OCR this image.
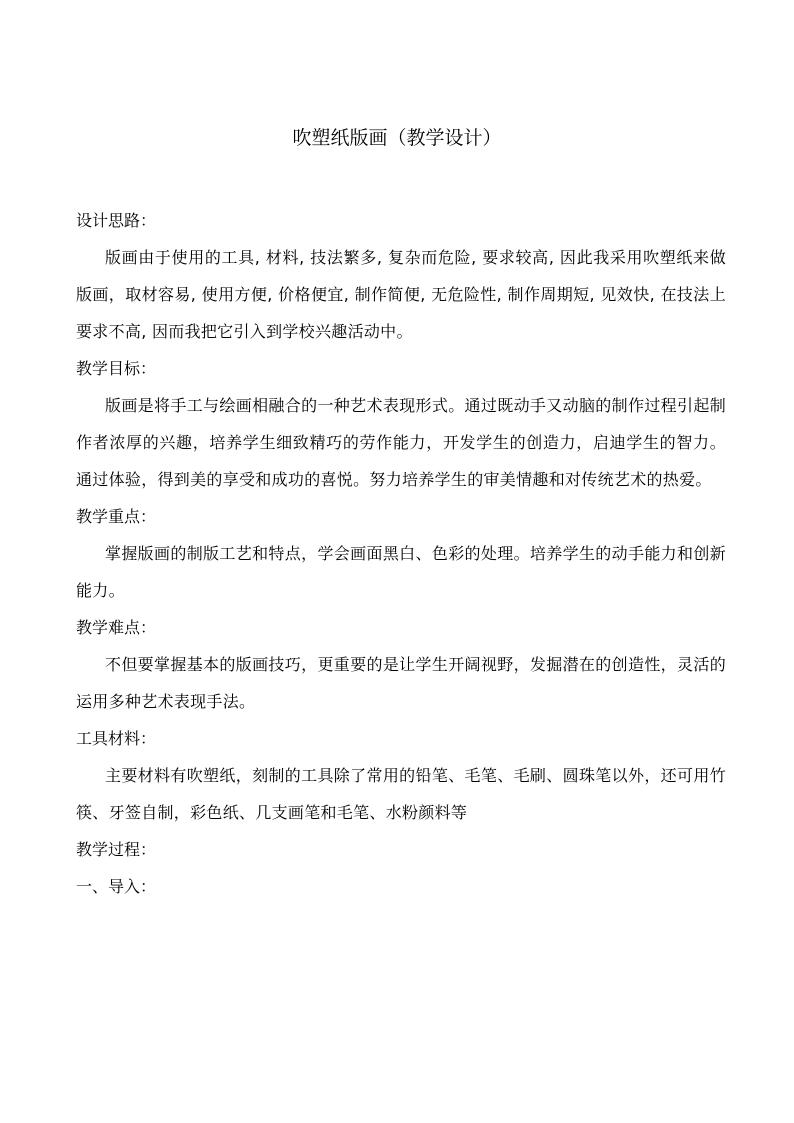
吹塑纸版画（教学设计）
设计思路：
版画由于使用的工具, 材料, 技法繁多, 复杂而危险, 要求较高, 因此我采用吹塑纸来做版画，取材容易, 使用方便, 价格便宜, 制作简便, 无危险性, 制作周期短, 见效快, 在技法上要求不高, 因而我把它引入到学校兴趣活动中。
教学目标：
版画是将手工与绘画相融合的一种艺术表现形式。通过既动手又动脑的制作过程引起制作者浓厚的兴趣，培养学生细致精巧的劳作能力，开发学生的创造力，启迪学生的智力。通过体验，得到美的享受和成功的喜悦。努力培养学生的审美情趣和对传统艺术的热爱。
教学重点：
掌握版画的制版工艺和特点，学会画面黑白、色彩的处理。培养学生的动手能力和创新能力。
教学难点：
不但要掌握基本的版画技巧，更重要的是让学生开阔视野，发掘潜在的创造性，灵活的运用多种艺术表现手法。
工具材料：
主要材料有吹塑纸，刻制的工具除了常用的铅笔、毛笔、毛刷、圆珠笔以外，还可用竹筷、牙签自制，彩色纸、几支画笔和毛笔、水粉颜料等
教学过程：
一、导入：
